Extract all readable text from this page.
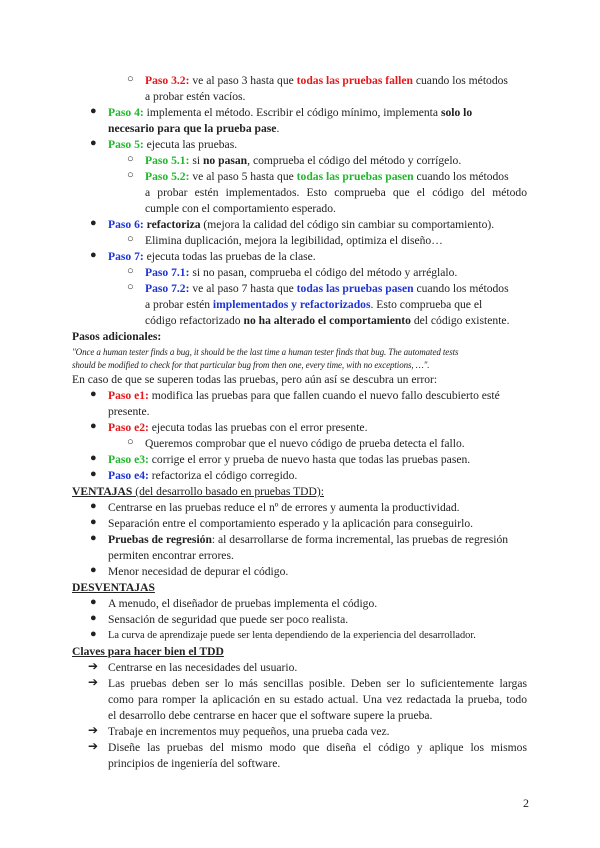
○ Paso 3.2: ve al paso 3 hasta que todas las pruebas fallen cuando los métodos
a probar estén vacíos.
● Paso 4: implementa el método. Escribir el código mínimo, implementa solo lo
necesario para que la prueba pase.
● Paso 5: ejecuta las pruebas.
○ Paso 5.1: si no pasan, comprueba el código del método y corrígelo.
○ Paso 5.2: ve al paso 5 hasta que todas las pruebas pasen cuando los métodos
a probar estén implementados. Esto comprueba que el código del método
cumple con el comportamiento esperado.
● Paso 6: refactoriza (mejora la calidad del código sin cambiar su comportamiento).
○ Elimina duplicación, mejora la legibilidad, optimiza el diseño…
● Paso 7: ejecuta todas las pruebas de la clase.
○ Paso 7.1: si no pasan, comprueba el código del método y arréglalo.
○ Paso 7.2: ve al paso 7 hasta que todas las pruebas pasen cuando los métodos
a probar estén implementados y refactorizados. Esto comprueba que el
código refactorizado no ha alterado el comportamiento del código existente.
Pasos adicionales:
"Once a human tester finds a bug, it should be the last time a human tester finds that bug. The automated tests
should be modified to check for that particular bug from then one, every time, with no exceptions, …".
En caso de que se superen todas las pruebas, pero aún así se descubra un error:
● Paso e1: modifica las pruebas para que fallen cuando el nuevo fallo descubierto esté
presente.
● Paso e2: ejecuta todas las pruebas con el error presente.
○ Queremos comprobar que el nuevo código de prueba detecta el fallo.
● Paso e3: corrige el error y prueba de nuevo hasta que todas las pruebas pasen.
● Paso e4: refactoriza el código corregido.
VENTAJAS (del desarrollo basado en pruebas TDD):
● Centrarse en las pruebas reduce el nº de errores y aumenta la productividad.
● Separación entre el comportamiento esperado y la aplicación para conseguirlo.
● Pruebas de regresión: al desarrollarse de forma incremental, las pruebas de regresión
permiten encontrar errores.
● Menor necesidad de depurar el código.
DESVENTAJAS
● A menudo, el diseñador de pruebas implementa el código.
● Sensación de seguridad que puede ser poco realista.
● La curva de aprendizaje puede ser lenta dependiendo de la experiencia del desarrollador.
Claves para hacer bien el TDD
➔ Centrarse en las necesidades del usuario.
➔ Las pruebas deben ser lo más sencillas posible. Deben ser lo suficientemente largas
como para romper la aplicación en su estado actual. Una vez redactada la prueba, todo
el desarrollo debe centrarse en hacer que el software supere la prueba.
➔ Trabaje en incrementos muy pequeños, una prueba cada vez.
➔ Diseñe las pruebas del mismo modo que diseña el código y aplique los mismos
principios de ingeniería del software.
2
